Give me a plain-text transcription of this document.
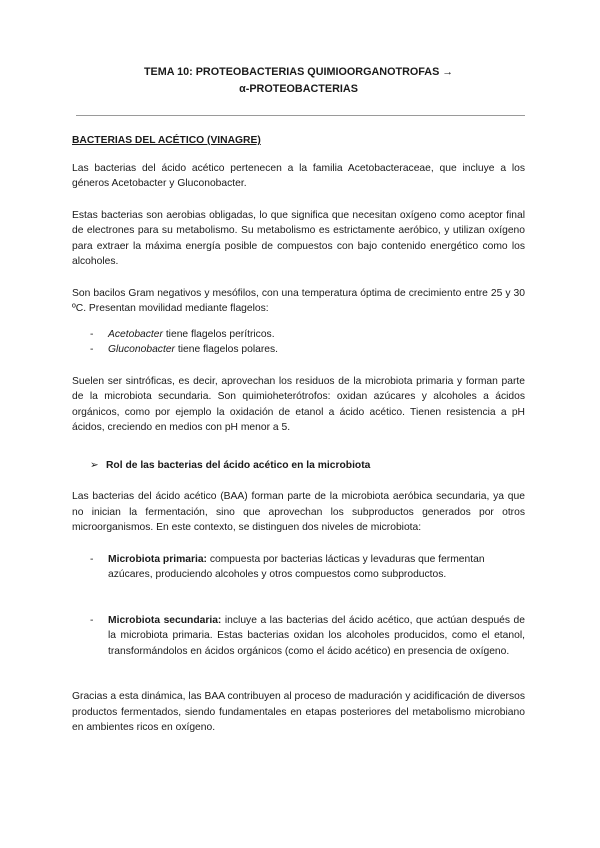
TEMA 10: PROTEOBACTERIAS QUIMIOORGANOTROFAS →
α-PROTEOBACTERIAS
BACTERIAS DEL ACÉTICO (VINAGRE)

Las bacterias del ácido acético pertenecen a la familia Acetobacteraceae, que incluye a los géneros Acetobacter y Gluconobacter.

Estas bacterias son aerobias obligadas, lo que significa que necesitan oxígeno como aceptor final de electrones para su metabolismo. Su metabolismo es estrictamente aeróbico, y utilizan oxígeno para extraer la máxima energía posible de compuestos con bajo contenido energético como los alcoholes.

Son bacilos Gram negativos y mesófilos, con una temperatura óptima de crecimiento entre 25 y 30 ºC. Presentan movilidad mediante flagelos:

- Acetobacter tiene flagelos perítricos.
- Gluconobacter tiene flagelos polares.

Suelen ser sintróficas, es decir, aprovechan los residuos de la microbiota primaria y forman parte de la microbiota secundaria. Son quimioheterótrofos: oxidan azúcares y alcoholes a ácidos orgánicos, como por ejemplo la oxidación de etanol a ácido acético. Tienen resistencia a pH ácidos, creciendo en medios con pH menor a 5.

➢ Rol de las bacterias del ácido acético en la microbiota

Las bacterias del ácido acético (BAA) forman parte de la microbiota aeróbica secundaria, ya que no inician la fermentación, sino que aprovechan los subproductos generados por otros microorganismos. En este contexto, se distinguen dos niveles de microbiota:

- Microbiota primaria: compuesta por bacterias lácticas y levaduras que fermentan azúcares, produciendo alcoholes y otros compuestos como subproductos.
- Microbiota secundaria: incluye a las bacterias del ácido acético, que actúan después de la microbiota primaria. Estas bacterias oxidan los alcoholes producidos, como el etanol, transformándolos en ácidos orgánicos (como el ácido acético) en presencia de oxígeno.

Gracias a esta dinámica, las BAA contribuyen al proceso de maduración y acidificación de diversos productos fermentados, siendo fundamentales en etapas posteriores del metabolismo microbiano en ambientes ricos en oxígeno.
